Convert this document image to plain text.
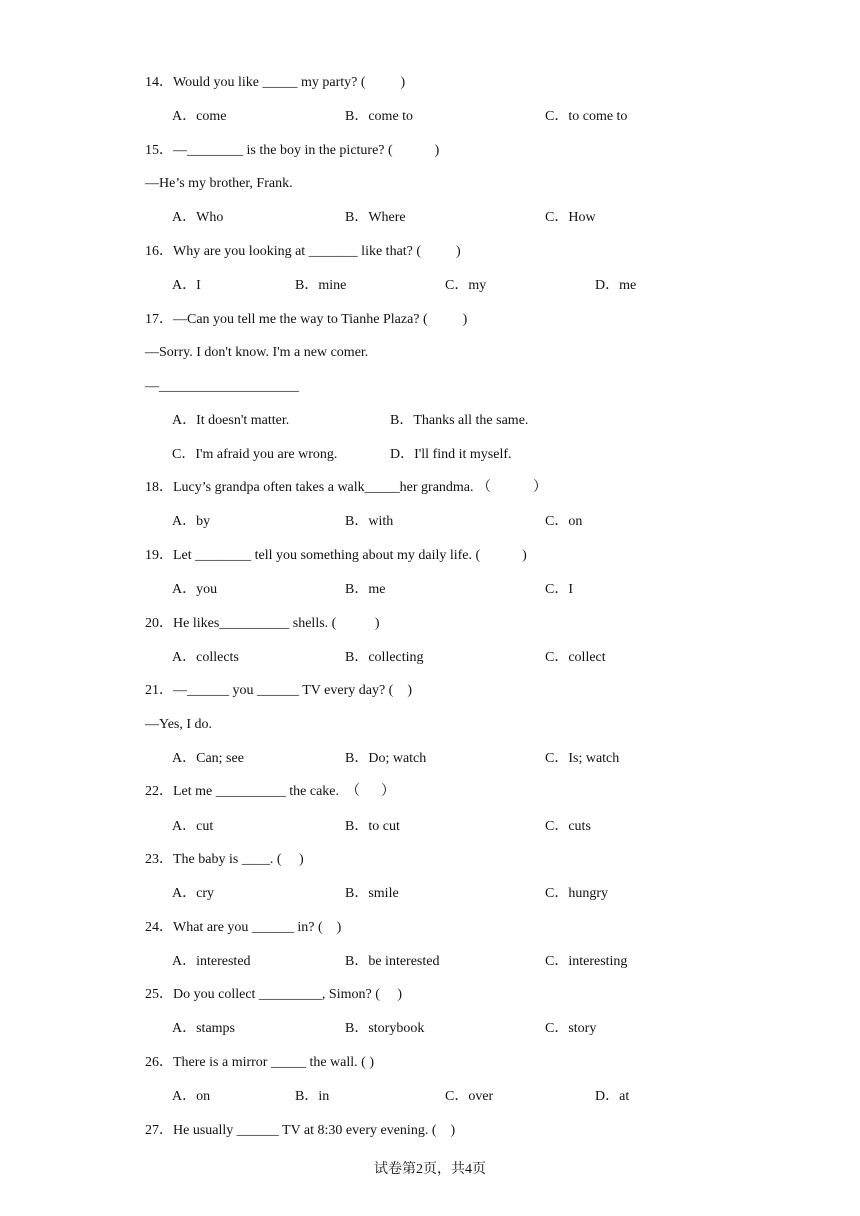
14．Would you like _____ my party? (          )
A．come	B．come to	C．to come to
15．—________ is the boy in the picture? (            )
—He’s my brother, Frank.
A．Who	B．Where	C．How
16．Why are you looking at _______ like that? (          )
A．I	B．mine	C．my	D．me
17．—Can you tell me the way to Tianhe Plaza? (          )
—Sorry. I don't know. I'm a new comer.
—____________________
A．It doesn't matter.	B．Thanks all the same.
C．I'm afraid you are wrong.	D．I'll find it myself.
18．Lucy’s grandpa often takes a walk_____her grandma. （            ）
A．by	B．with	C．on
19．Let ________ tell you something about my daily life. (            )
A．you	B．me	C．I
20．He likes__________ shells. (           )
A．collects	B．collecting	C．collect
21．—______ you ______ TV every day? (    )
—Yes, I do.
A．Can; see	B．Do; watch	C．Is; watch
22．Let me __________ the cake.  （      ）
A．cut	B．to cut	C．cuts
23．The baby is ____. (     )
A．cry	B．smile	C．hungry
24．What are you ______ in? (    )
A．interested	B．be interested	C．interesting
25．Do you collect _________, Simon? (     )
A．stamps	B．storybook	C．story
26．There is a mirror _____ the wall. ( )
A．on	B．in	C．over	D．at
27．He usually ______ TV at 8:30 every evening. (    )
试卷第2页，共4页
